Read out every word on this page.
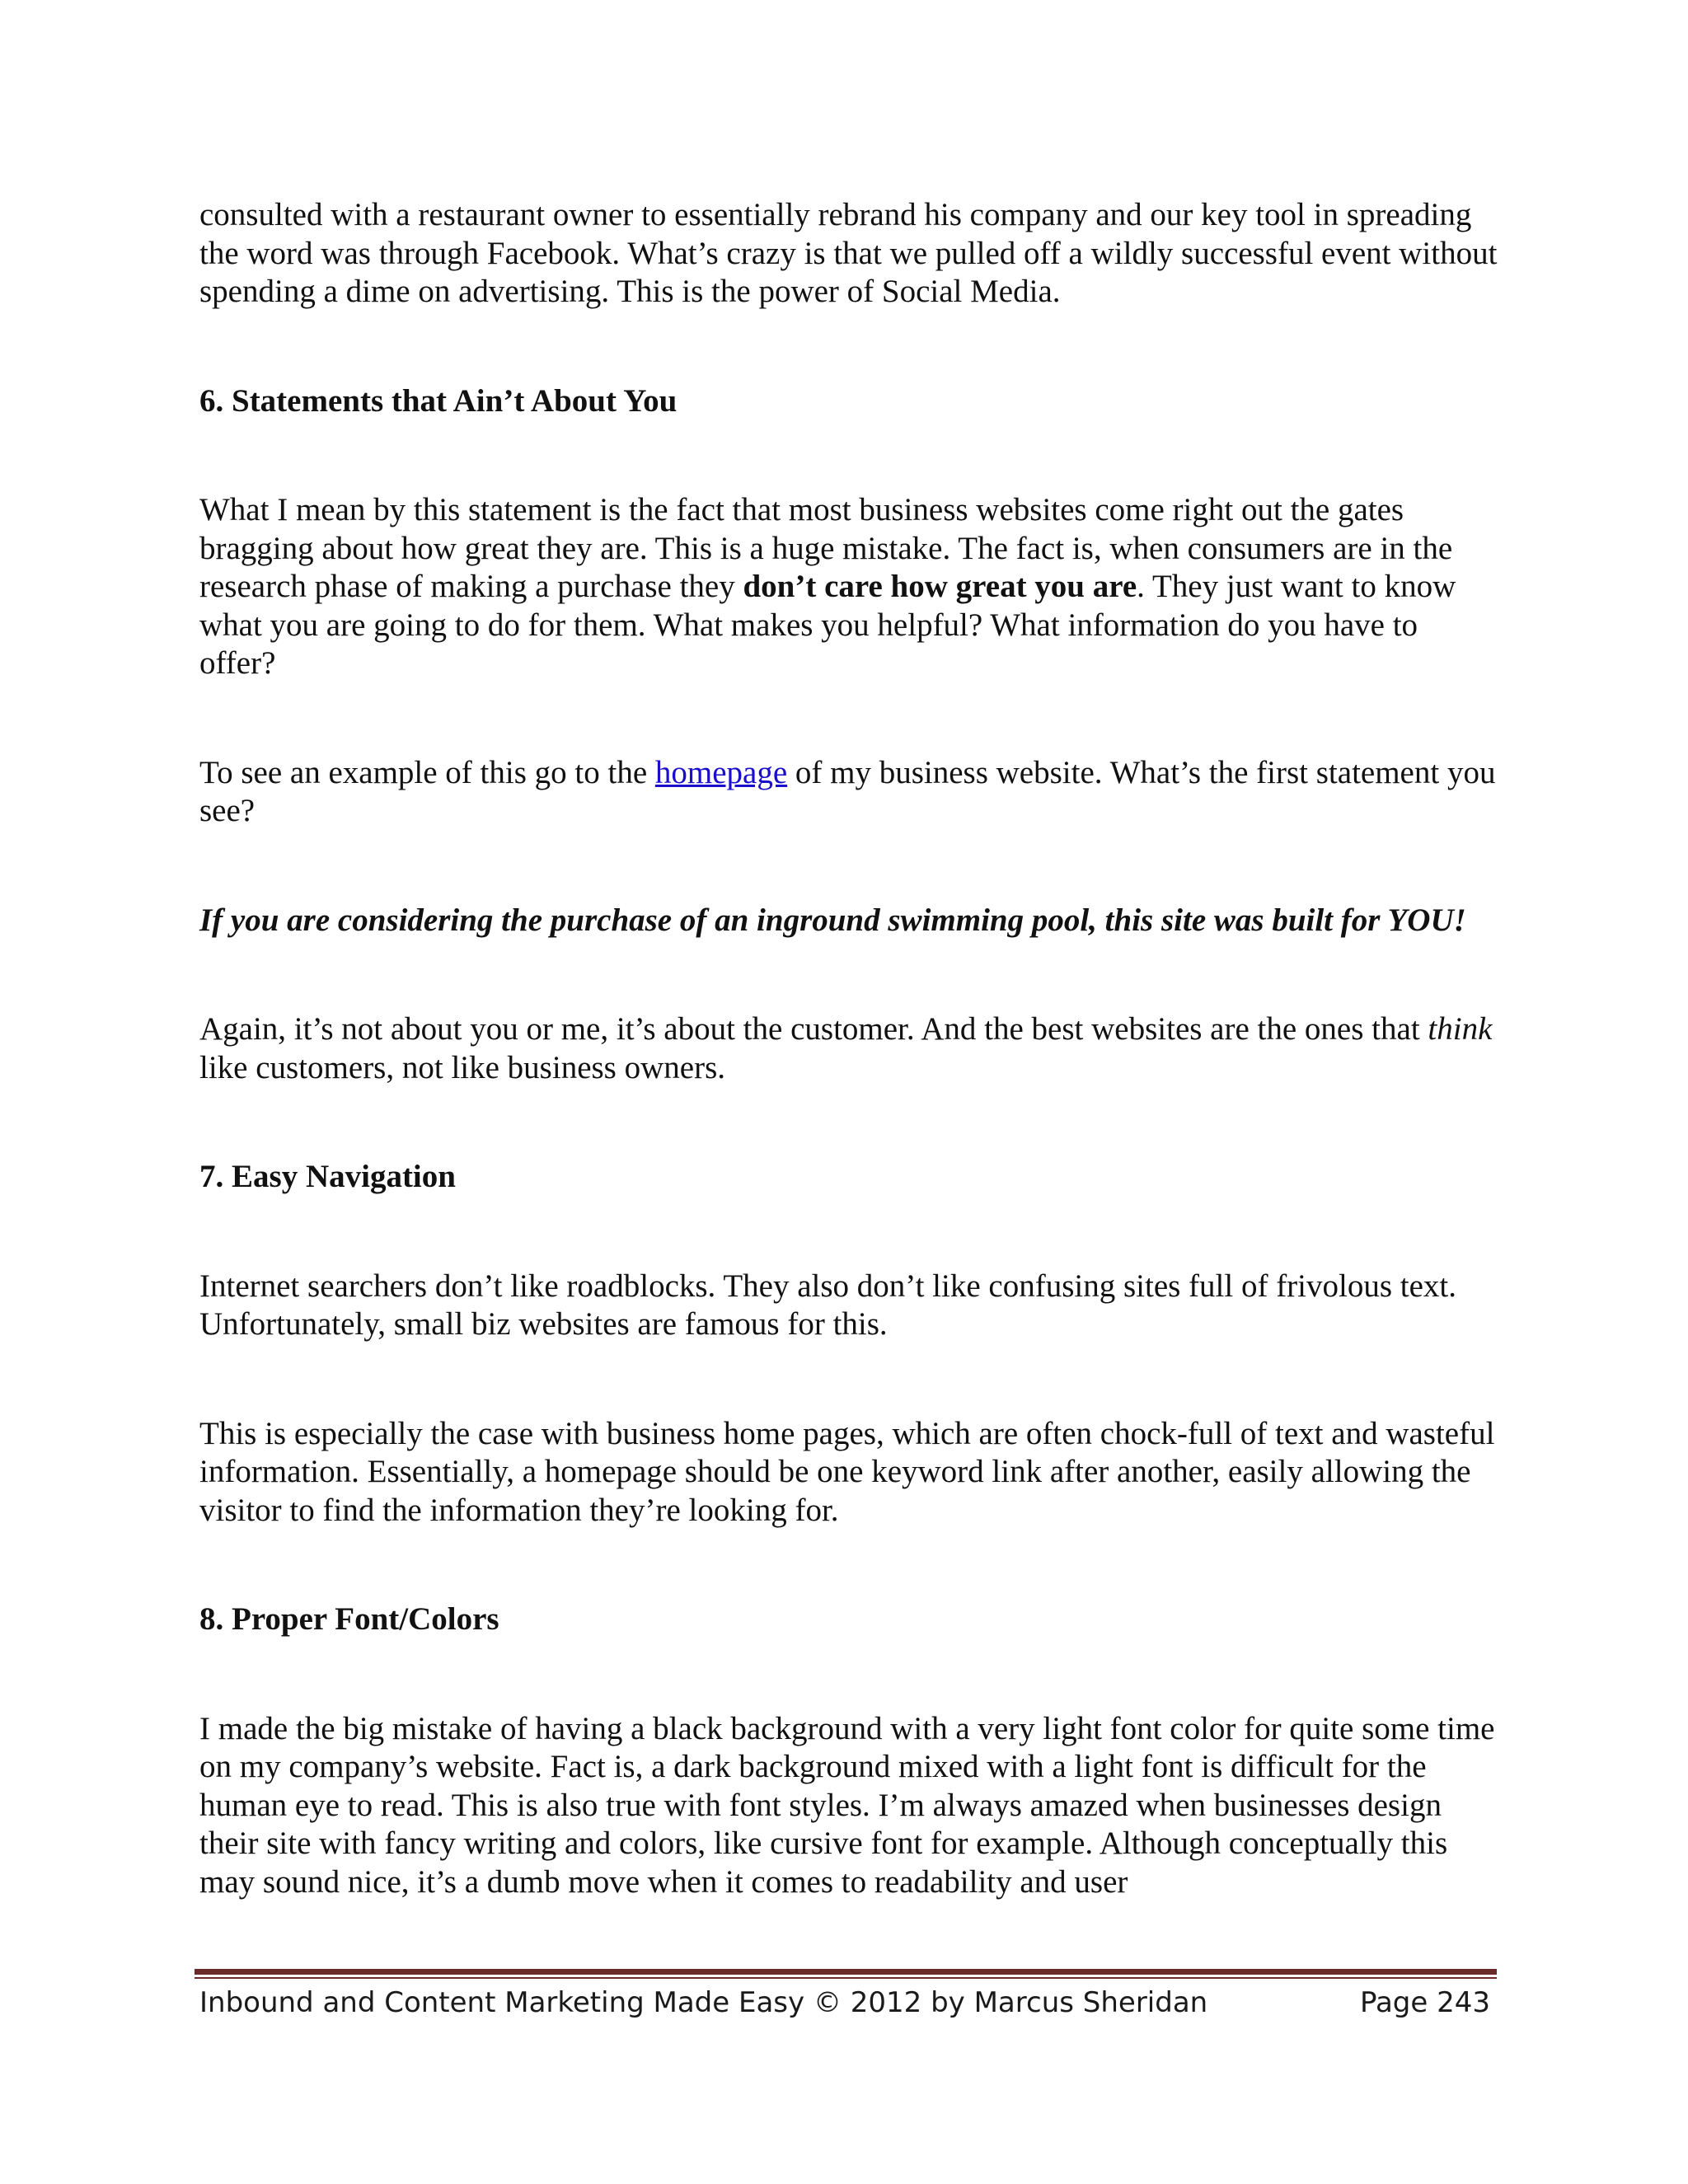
consulted with a restaurant owner to essentially rebrand his company and our key tool in spreading the word was through Facebook. What’s crazy is that we pulled off a wildly successful event without spending a dime on advertising. This is the power of Social Media.

6. Statements that Ain’t About You

What I mean by this statement is the fact that most business websites come right out the gates bragging about how great they are. This is a huge mistake. The fact is, when consumers are in the research phase of making a purchase they don’t care how great you are. They just want to know what you are going to do for them. What makes you helpful? What information do you have to offer?

To see an example of this go to the homepage of my business website. What’s the first statement you see?

If you are considering the purchase of an inground swimming pool, this site was built for YOU!

Again, it’s not about you or me, it’s about the customer. And the best websites are the ones that think like customers, not like business owners.

7. Easy Navigation

Internet searchers don’t like roadblocks. They also don’t like confusing sites full of frivolous text. Unfortunately, small biz websites are famous for this.

This is especially the case with business home pages, which are often chock-full of text and wasteful information. Essentially, a homepage should be one keyword link after another, easily allowing the visitor to find the information they’re looking for.

8. Proper Font/Colors

I made the big mistake of having a black background with a very light font color for quite some time on my company’s website. Fact is, a dark background mixed with a light font is difficult for the human eye to read. This is also true with font styles. I’m always amazed when businesses design their site with fancy writing and colors, like cursive font for example. Although conceptually this may sound nice, it’s a dumb move when it comes to readability and user

Inbound and Content Marketing Made Easy © 2012 by Marcus Sheridan	Page 243
